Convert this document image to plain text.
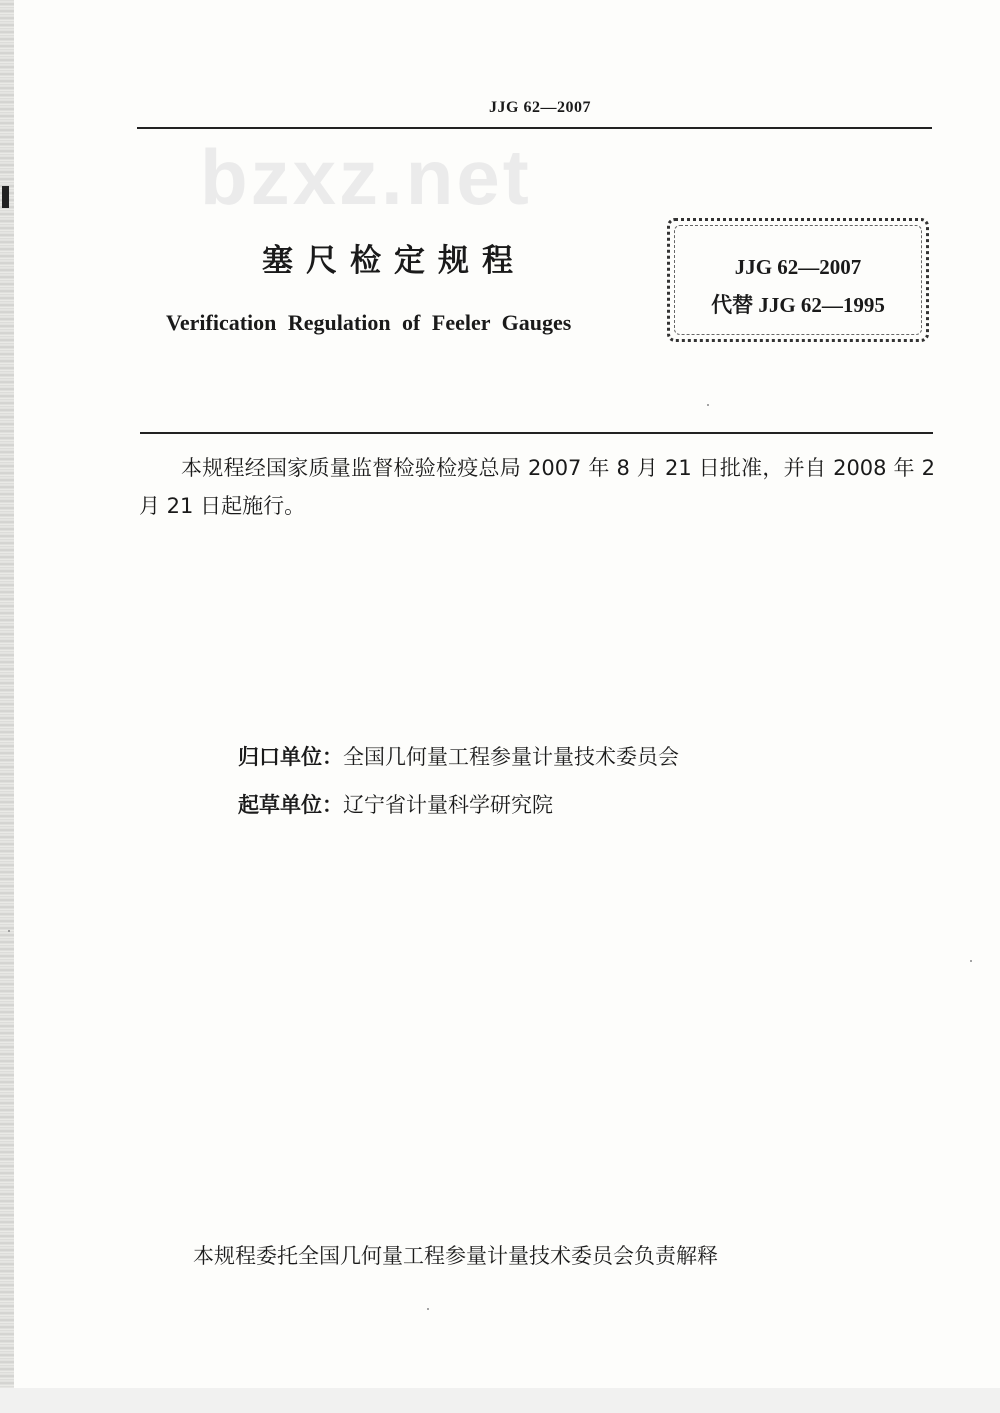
JJG 62—2007
bzxz.net
塞尺检定规程
Verification Regulation of Feeler Gauges
JJG 62—2007
代替 JJG 62—1995
本规程经国家质量监督检验检疫总局 2007 年 8 月 21 日批准，并自 2008 年 2 月 21 日起施行。
归口单位：全国几何量工程参量计量技术委员会
起草单位：辽宁省计量科学研究院
本规程委托全国几何量工程参量计量技术委员会负责解释
